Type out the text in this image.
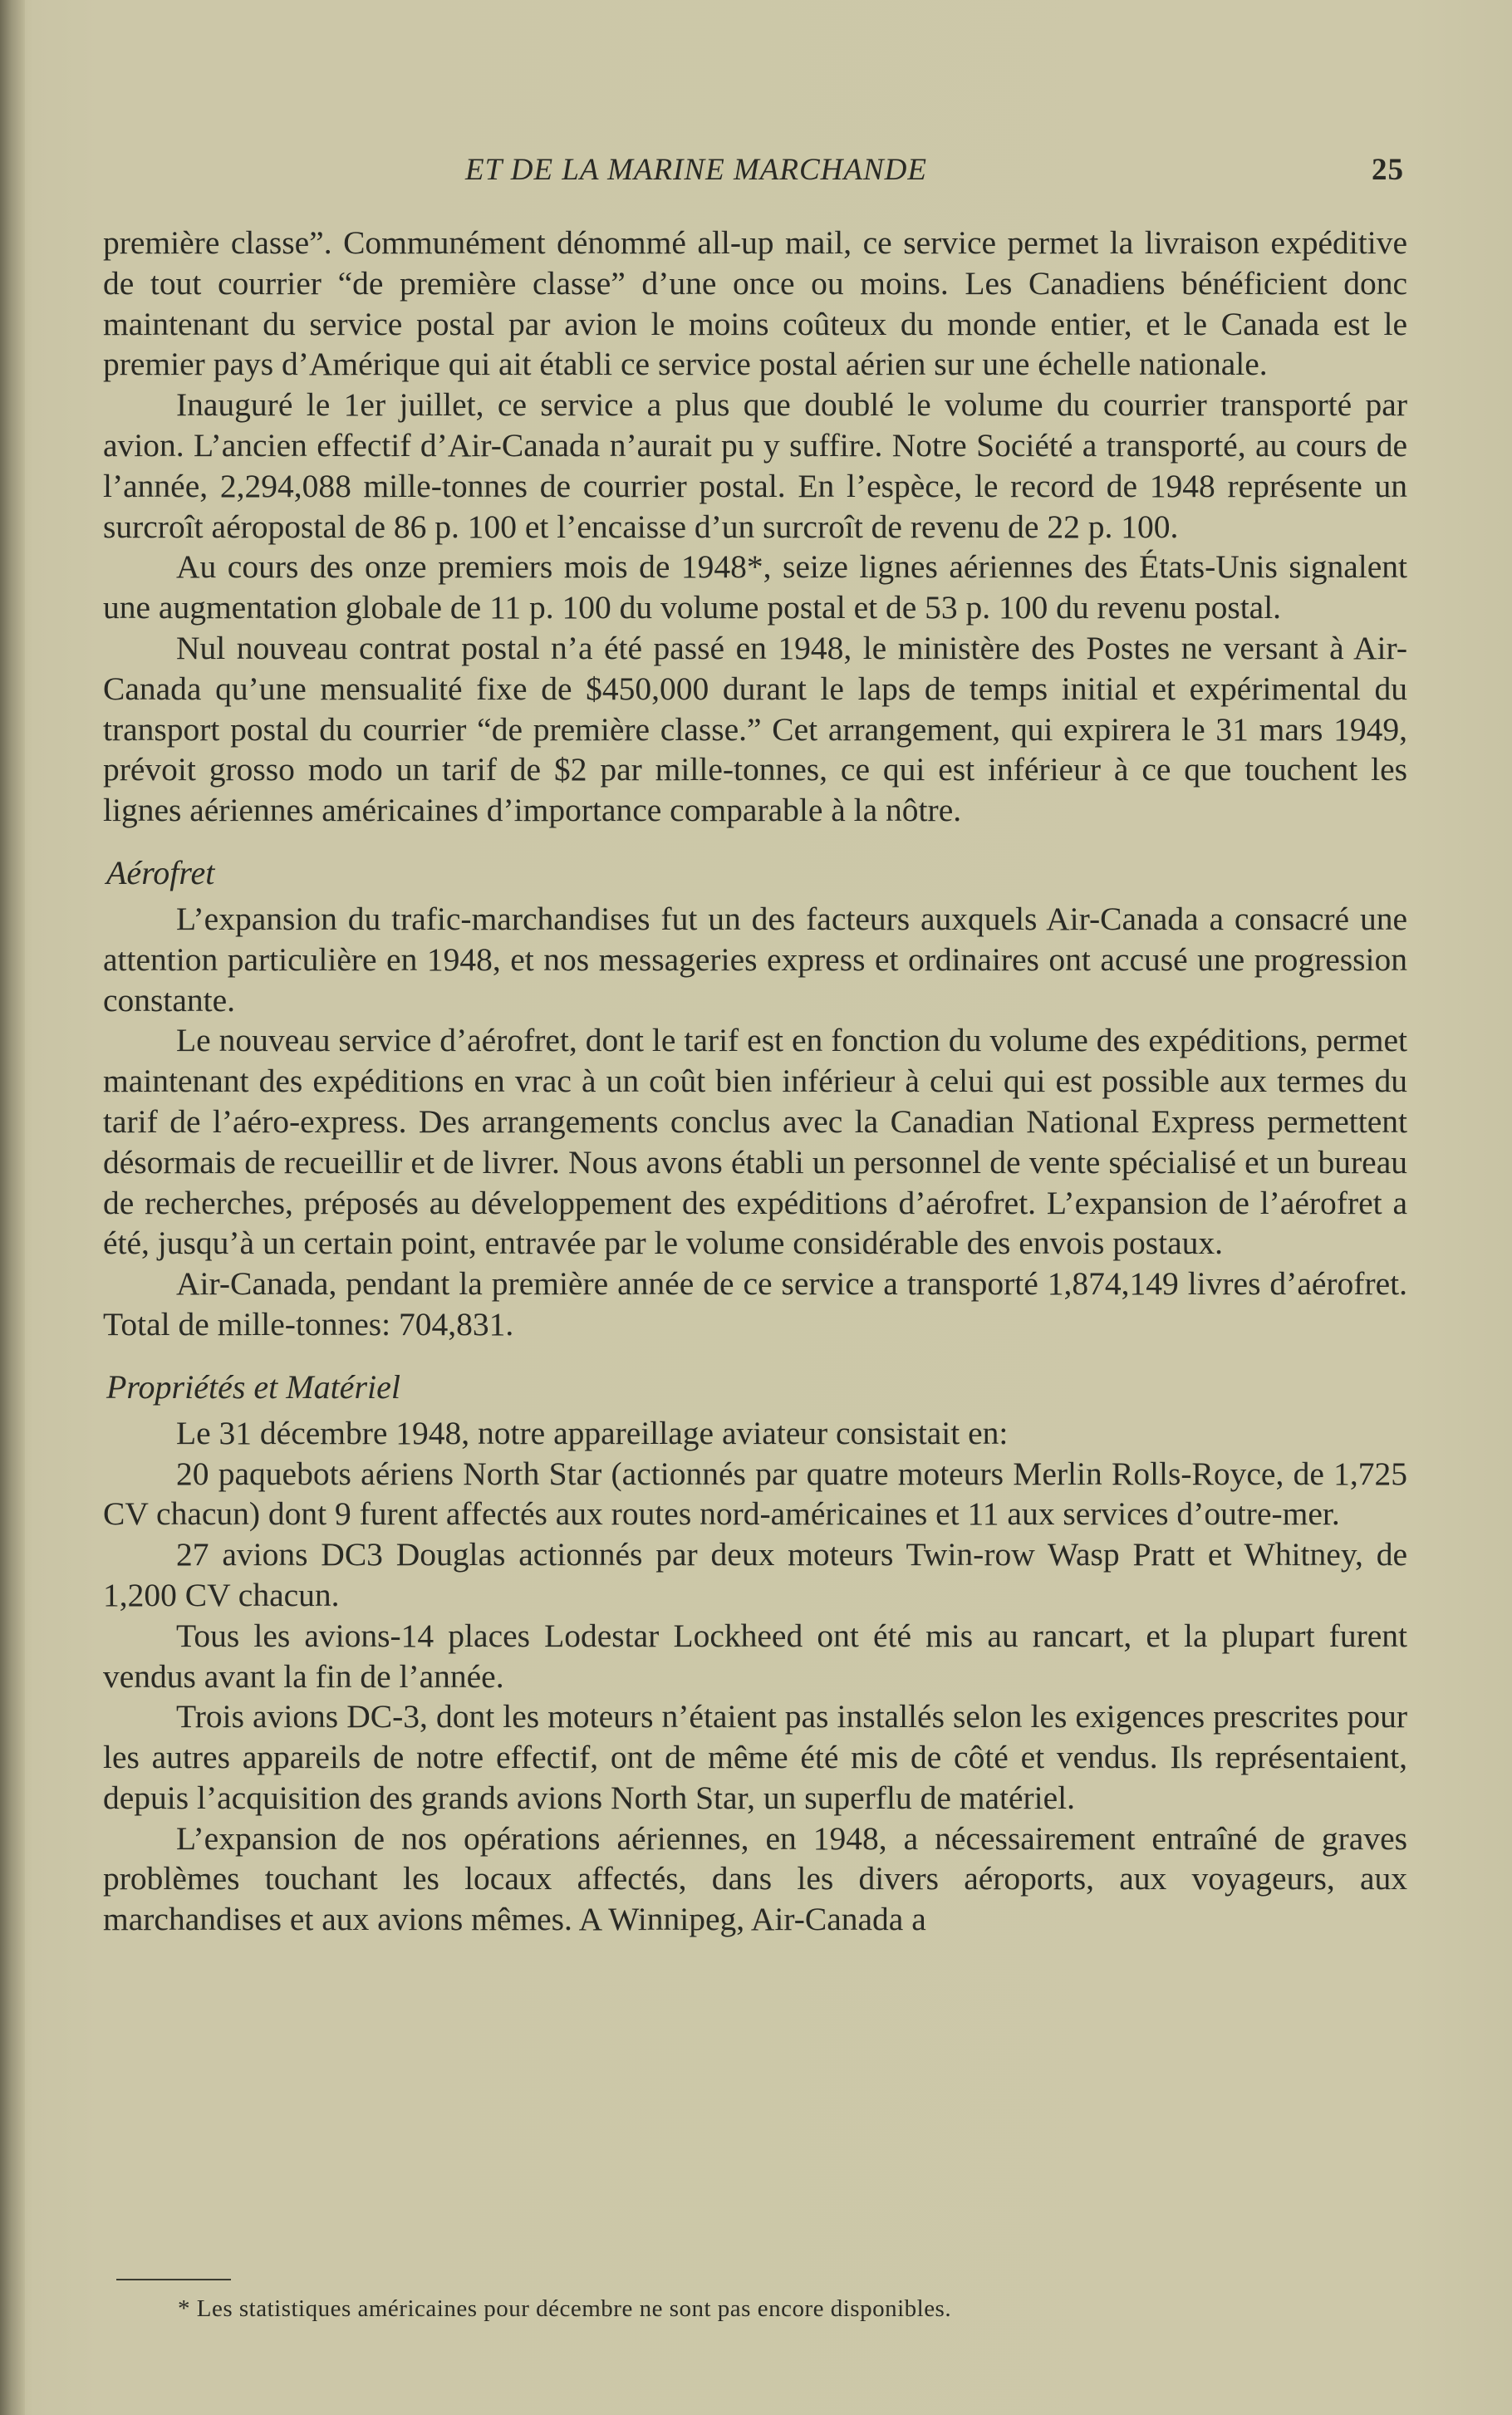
ET DE LA MARINE MARCHANDE	25

première classe”. Communément dénommé all-up mail, ce service permet la livraison expéditive de tout courrier “de première classe” d’une once ou moins. Les Canadiens bénéficient donc maintenant du service postal par avion le moins coûteux du monde entier, et le Canada est le premier pays d’Amérique qui ait établi ce service postal aérien sur une échelle nationale.

Inauguré le 1er juillet, ce service a plus que doublé le volume du courrier transporté par avion. L’ancien effectif d’Air-Canada n’aurait pu y suffire. Notre Société a transporté, au cours de l’année, 2,294,088 mille-tonnes de courrier postal. En l’espèce, le record de 1948 représente un surcroît aéropostal de 86 p. 100 et l’encaisse d’un surcroît de revenu de 22 p. 100.

Au cours des onze premiers mois de 1948*, seize lignes aériennes des États-Unis signalent une augmentation globale de 11 p. 100 du volume postal et de 53 p. 100 du revenu postal.

Nul nouveau contrat postal n’a été passé en 1948, le ministère des Postes ne versant à Air-Canada qu’une mensualité fixe de $450,000 durant le laps de temps initial et expérimental du transport postal du courrier “de première classe.” Cet arrangement, qui expirera le 31 mars 1949, prévoit grosso modo un tarif de $2 par mille-tonnes, ce qui est inférieur à ce que touchent les lignes aériennes américaines d’importance comparable à la nôtre.

Aérofret

L’expansion du trafic-marchandises fut un des facteurs auxquels Air-Canada a consacré une attention particulière en 1948, et nos messageries express et ordinaires ont accusé une progression constante.

Le nouveau service d’aérofret, dont le tarif est en fonction du volume des expéditions, permet maintenant des expéditions en vrac à un coût bien inférieur à celui qui est possible aux termes du tarif de l’aéro-express. Des arrangements conclus avec la Canadian National Express permettent désormais de recueillir et de livrer. Nous avons établi un personnel de vente spécialisé et un bureau de recherches, préposés au développement des expéditions d’aérofret. L’expansion de l’aérofret a été, jusqu’à un certain point, entravée par le volume considérable des envois postaux.

Air-Canada, pendant la première année de ce service a transporté 1,874,149 livres d’aérofret. Total de mille-tonnes: 704,831.

Propriétés et Matériel

Le 31 décembre 1948, notre appareillage aviateur consistait en:

20 paquebots aériens North Star (actionnés par quatre moteurs Merlin Rolls-Royce, de 1,725 CV chacun) dont 9 furent affectés aux routes nord-américaines et 11 aux services d’outre-mer.

27 avions DC3 Douglas actionnés par deux moteurs Twin-row Wasp Pratt et Whitney, de 1,200 CV chacun.

Tous les avions-14 places Lodestar Lockheed ont été mis au rancart, et la plupart furent vendus avant la fin de l’année.

Trois avions DC-3, dont les moteurs n’étaient pas installés selon les exigences prescrites pour les autres appareils de notre effectif, ont de même été mis de côté et vendus. Ils représentaient, depuis l’acquisition des grands avions North Star, un superflu de matériel.

L’expansion de nos opérations aériennes, en 1948, a nécessairement entraîné de graves problèmes touchant les locaux affectés, dans les divers aéroports, aux voyageurs, aux marchandises et aux avions mêmes. A Winnipeg, Air-Canada a

* Les statistiques américaines pour décembre ne sont pas encore disponibles.
